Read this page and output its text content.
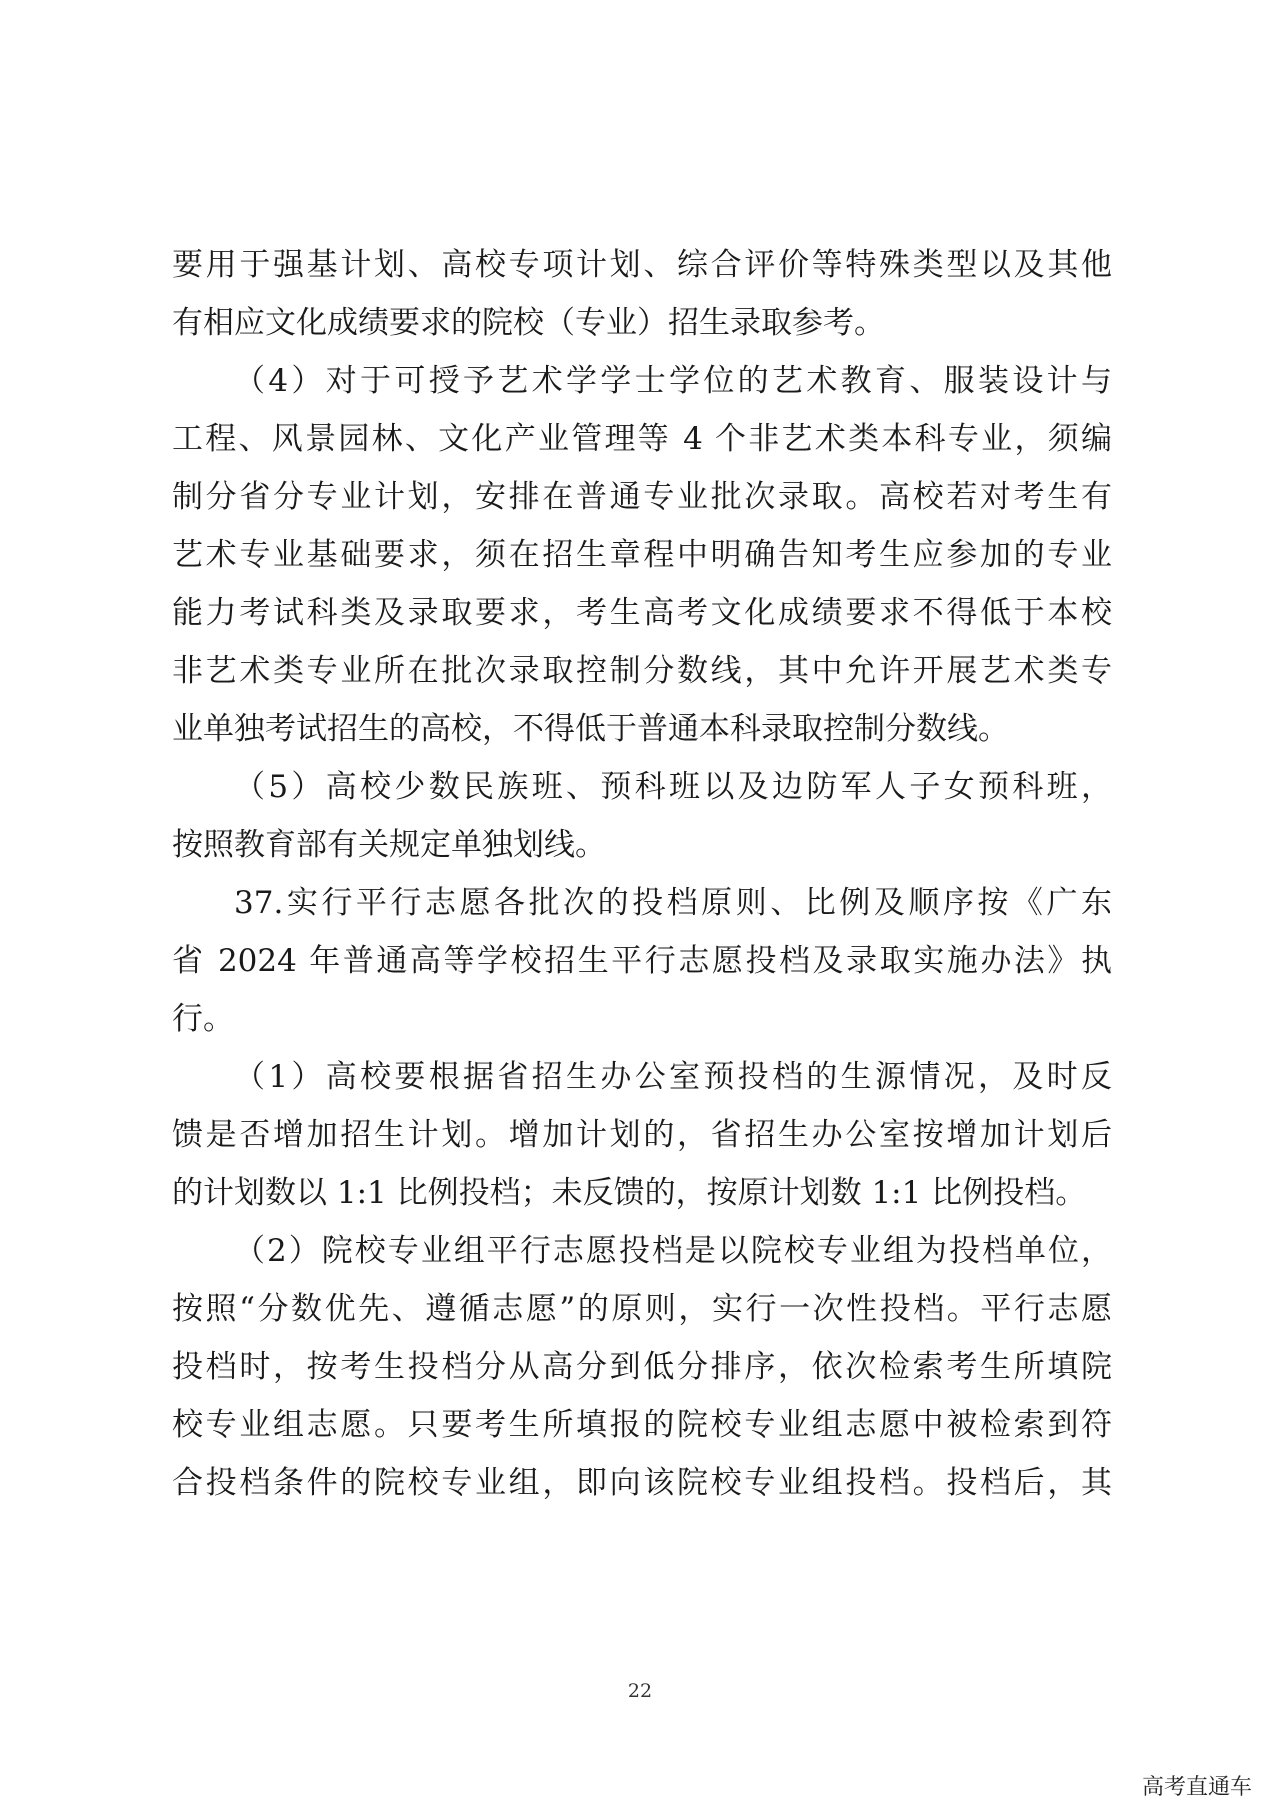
要用于强基计划、高校专项计划、综合评价等特殊类型以及其他
有相应文化成绩要求的院校（专业）招生录取参考。
（4）对于可授予艺术学学士学位的艺术教育、服装设计与
工程、风景园林、文化产业管理等 4 个非艺术类本科专业，须编
制分省分专业计划，安排在普通专业批次录取。高校若对考生有
艺术专业基础要求，须在招生章程中明确告知考生应参加的专业
能力考试科类及录取要求，考生高考文化成绩要求不得低于本校
非艺术类专业所在批次录取控制分数线，其中允许开展艺术类专
业单独考试招生的高校，不得低于普通本科录取控制分数线。
（5）高校少数民族班、预科班以及边防军人子女预科班，
按照教育部有关规定单独划线。
37.实行平行志愿各批次的投档原则、比例及顺序按《广东
省 2024 年普通高等学校招生平行志愿投档及录取实施办法》执
行。
（1）高校要根据省招生办公室预投档的生源情况，及时反
馈是否增加招生计划。增加计划的，省招生办公室按增加计划后
的计划数以 1:1 比例投档；未反馈的，按原计划数 1:1 比例投档。
（2）院校专业组平行志愿投档是以院校专业组为投档单位，
按照“分数优先、遵循志愿”的原则，实行一次性投档。平行志愿
投档时，按考生投档分从高分到低分排序，依次检索考生所填院
校专业组志愿。只要考生所填报的院校专业组志愿中被检索到符
合投档条件的院校专业组，即向该院校专业组投档。投档后，其
22
高考直通车
